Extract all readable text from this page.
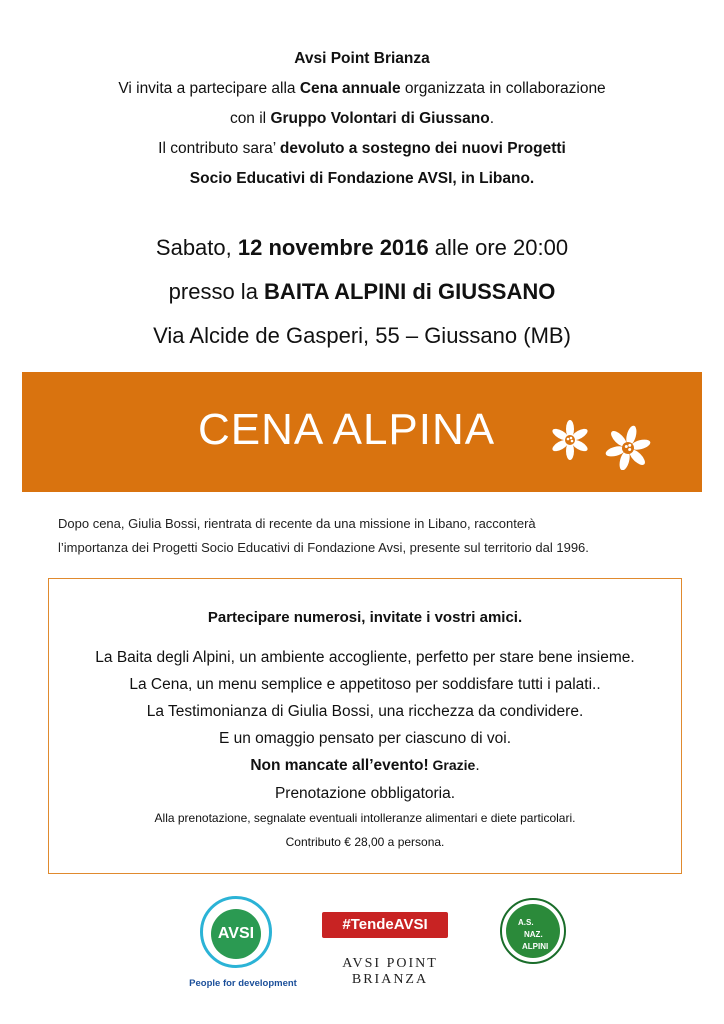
Avsi Point Brianza
Vi invita a partecipare alla Cena annuale organizzata in collaborazione
con il Gruppo Volontari di Giussano.
Il contributo sara’ devoluto a sostegno dei nuovi Progetti
Socio Educativi di Fondazione AVSI, in Libano.
Sabato, 12 novembre 2016 alle ore 20:00
presso la BAITA ALPINI di GIUSSANO
Via Alcide de Gasperi, 55 – Giussano (MB)
CENA ALPINA
Dopo cena, Giulia Bossi, rientrata di recente da una missione in Libano, racconterà
l’importanza dei Progetti Socio Educativi di Fondazione Avsi, presente sul territorio dal 1996.
Partecipare numerosi, invitate i vostri amici.
La Baita degli Alpini, un ambiente accogliente, perfetto per stare bene insieme.
La Cena, un menu semplice e appetitoso per soddisfare tutti i palati..
La Testimonianza di Giulia Bossi, una ricchezza da condividere.
E un omaggio pensato per ciascuno di voi.
Non mancate all’evento! Grazie.
Prenotazione obbligatoria.
Alla prenotazione, segnalate eventuali intolleranze alimentari e diete particolari.
Contributo € 28,00 a persona.
AVSI
People for development
#TendeAVSI
AVSI POINT BRIANZA
A.S.
NAZ.
ALPINI
